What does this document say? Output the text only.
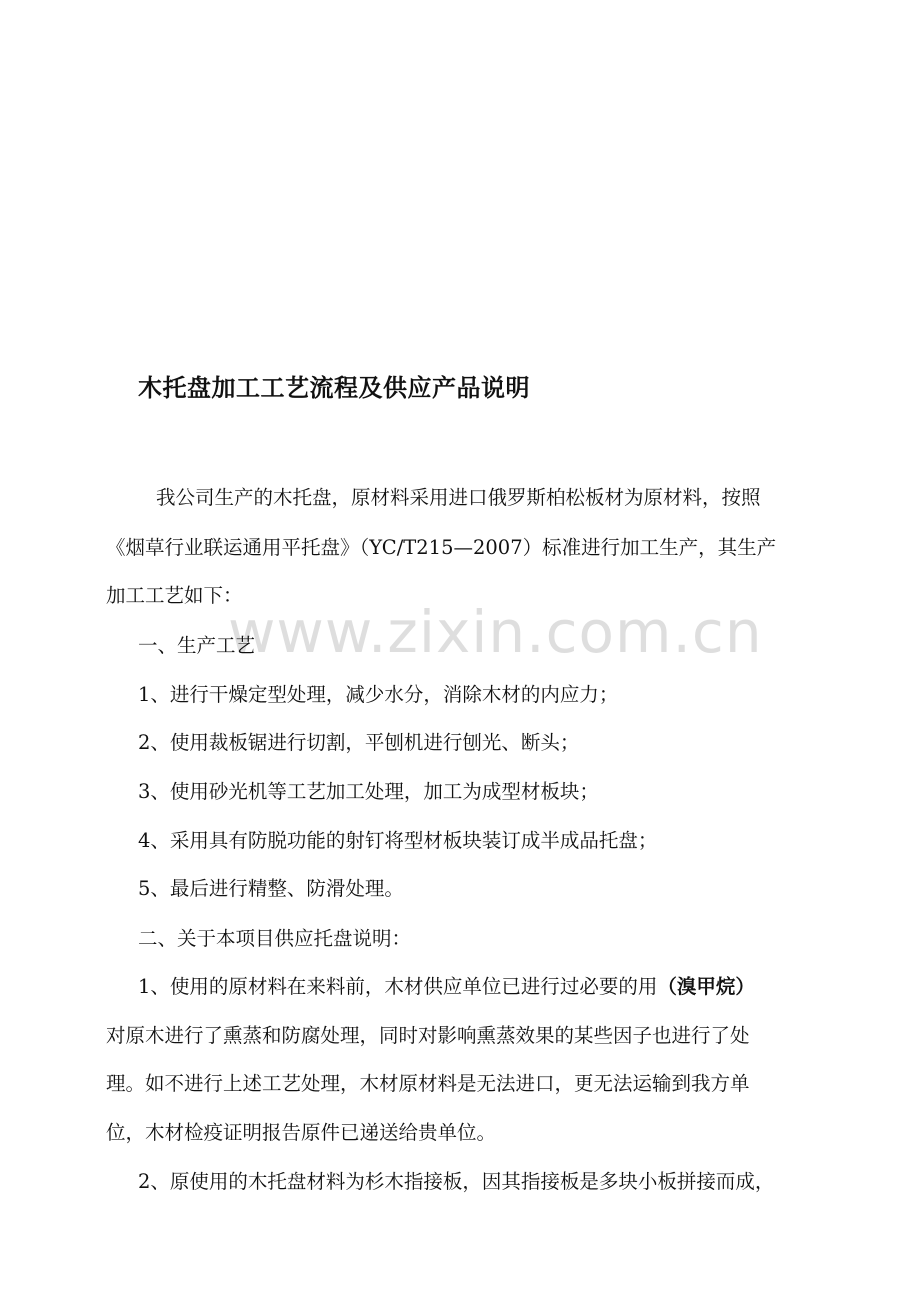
木托盘加工工艺流程及供应产品说明
www.zixin.com.cn
我公司生产的木托盘，原材料采用进口俄罗斯柏松板材为原材料，按照
《烟草行业联运通用平托盘》（YC/T215—2007）标准进行加工生产，其生产
加工工艺如下：
一、生产工艺
1、进行干燥定型处理，减少水分，消除木材的内应力；
2、使用裁板锯进行切割，平刨机进行刨光、断头；
3、使用砂光机等工艺加工处理，加工为成型材板块；
4、采用具有防脱功能的射钉将型材板块装订成半成品托盘；
5、最后进行精整、防滑处理。
二、关于本项目供应托盘说明：
1、使用的原材料在来料前，木材供应单位已进行过必要的用（溴甲烷）
对原木进行了熏蒸和防腐处理，同时对影响熏蒸效果的某些因子也进行了处
理。如不进行上述工艺处理，木材原材料是无法进口，更无法运输到我方单
位，木材检疫证明报告原件已递送给贵单位。
2、原使用的木托盘材料为杉木指接板，因其指接板是多块小板拼接而成，
